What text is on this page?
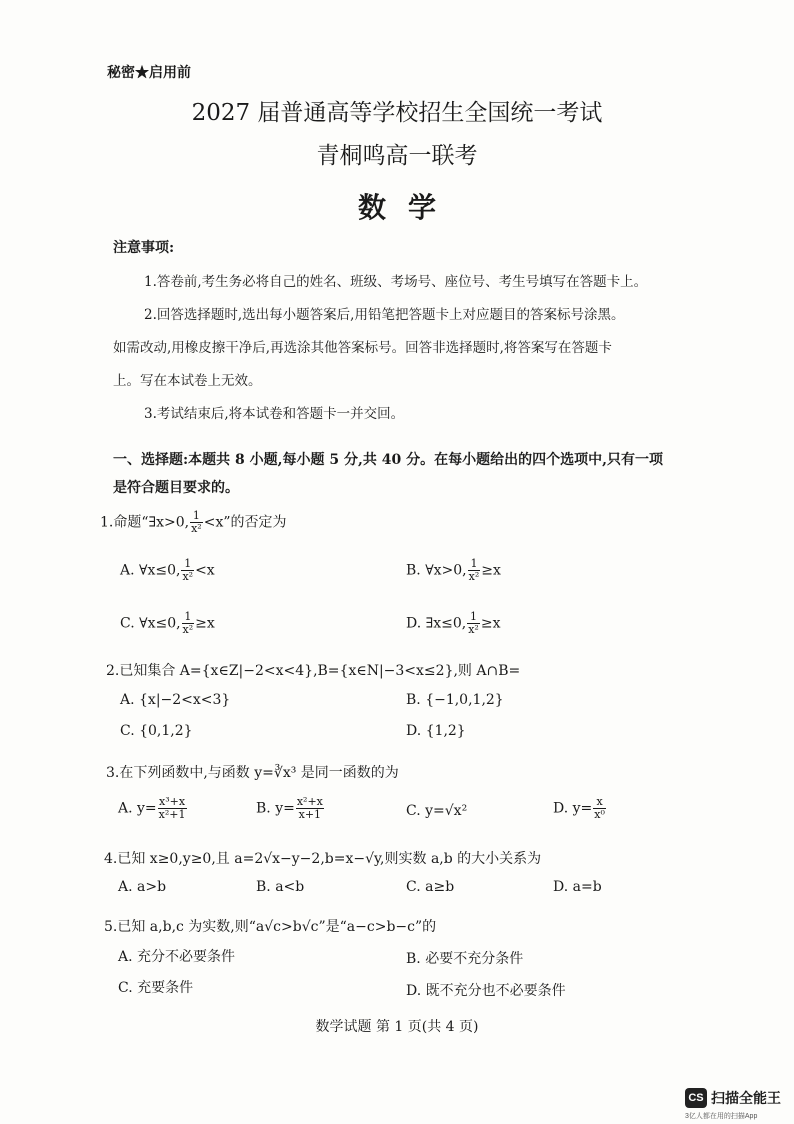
秘密★启用前
2027 届普通高等学校招生全国统一考试
青桐鸣高一联考
数学
注意事项:
1.答卷前,考生务必将自己的姓名、班级、考场号、座位号、考生号填写在答题卡上。
2.回答选择题时,选出每小题答案后,用铅笔把答题卡上对应题目的答案标号涂黑。
如需改动,用橡皮擦干净后,再选涂其他答案标号。回答非选择题时,将答案写在答题卡
上。写在本试卷上无效。
3.考试结束后,将本试卷和答题卡一并交回。
一、选择题:本题共 8 小题,每小题 5 分,共 40 分。在每小题给出的四个选项中,只有一项
是符合题目要求的。
1.命题“∃x>0, $\frac{1}{\text{x²}} <x$”的否定为
A. ∀x≤0, $\frac{1}{\text{x²}} <x$	B. ∀x>0, $\frac{1}{\text{x²}} \ge x$
C. ∀x≤0, $\frac{1}{\text{x²}} \ge x$	D. ∃x≤0, $\frac{1}{\text{x²}} \ge x$
2.已知集合 A={x∈Z|−2<x<4},B={x∈N|−3<x≤2},则 A∩B=
A. {x|−2<x<3}	B. {−1,0,1,2}
C. {0,1,2}	D. {1,2}
3.在下列函数中,与函数 y=∛x³ 是同一函数的为
A. $y= \frac{\text{x³+x}}{\text{x²+1}}$	B. $y= \frac{\text{x²+x}}{x+1}$	C. y=√x²	D. $y= \frac{x}{\text{x⁰}}$
4.已知 x≥0,y≥0,且 a=2√x−y−2,b=x−√y,则实数 a,b 的大小关系为
A. a>b	B. a<b	C. a≥b	D. a=b
5.已知 a,b,c 为实数,则“a√c>b√c”是“a−c>b−c”的
A. 充分不必要条件	B. 必要不充分条件
C. 充要条件	D. 既不充分也不必要条件
数学试题 第 1 页(共 4 页)
CS 扫描全能王
3亿人都在用的扫描App
